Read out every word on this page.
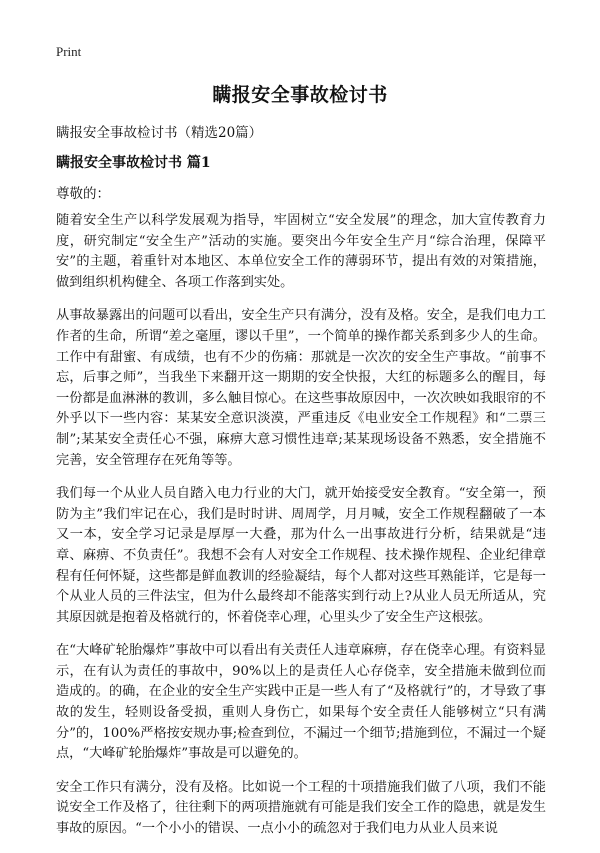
Print
瞒报安全事故检讨书
瞒报安全事故检讨书（精选20篇）
瞒报安全事故检讨书 篇1
尊敬的：

随着安全生产以科学发展观为指导，牢固树立“安全发展”的理念，加大宣传教育力度，研究制定“安全生产”活动的实施。要突出今年安全生产月“综合治理，保障平安”的主题，着重针对本地区、本单位安全工作的薄弱环节，提出有效的对策措施，做到组织机构健全、各项工作落到实处。

从事故暴露出的问题可以看出，安全生产只有满分，没有及格。安全，是我们电力工作者的生命，所谓“差之毫厘，谬以千里”，一个简单的操作都关系到多少人的生命。工作中有甜蜜、有成绩，也有不少的伤痛：那就是一次次的安全生产事故。“前事不忘，后事之师”，当我坐下来翻开这一期期的安全快报，大红的标题多么的醒目，每一份都是血淋淋的教训，多么触目惊心。在这些事故原因中，一次次映如我眼帘的不外乎以下一些内容：某某安全意识淡漠，严重违反《电业安全工作规程》和“二票三制”;某某安全责任心不强，麻痹大意习惯性违章;某某现场设备不熟悉，安全措施不完善，安全管理存在死角等等。

我们每一个从业人员自踏入电力行业的大门，就开始接受安全教育。“安全第一，预防为主”我们牢记在心，我们是时时讲、周周学，月月喊，安全工作规程翻破了一本又一本，安全学习记录是厚厚一大叠，那为什么一出事故进行分析，结果就是“违章、麻痹、不负责任”。我想不会有人对安全工作规程、技术操作规程、企业纪律章程有任何怀疑，这些都是鲜血教训的经验凝结，每个人都对这些耳熟能详，它是每一个从业人员的三件法宝，但为什么最终却不能落实到行动上?从业人员无所适从，究其原因就是抱着及格就行的，怀着侥幸心理，心里头少了安全生产这根弦。

在“大峰矿轮胎爆炸”事故中可以看出有关责任人违章麻痹，存在侥幸心理。有资料显示，在有认为责任的事故中，90%以上的是责任人心存侥幸，安全措施未做到位而造成的。的确，在企业的安全生产实践中正是一些人有了“及格就行”的，才导致了事故的发生，轻则设备受损，重则人身伤亡，如果每个安全责任人能够树立“只有满分”的，100%严格按安规办事;检查到位，不漏过一个细节;措施到位，不漏过一个疑点，“大峰矿轮胎爆炸”事故是可以避免的。

安全工作只有满分，没有及格。比如说一个工程的十项措施我们做了八项，我们不能说安全工作及格了，往往剩下的两项措施就有可能是我们安全工作的隐患，就是发生事故的原因。“一个小小的错误、一点小小的疏忽对于我们电力从业人员来说
